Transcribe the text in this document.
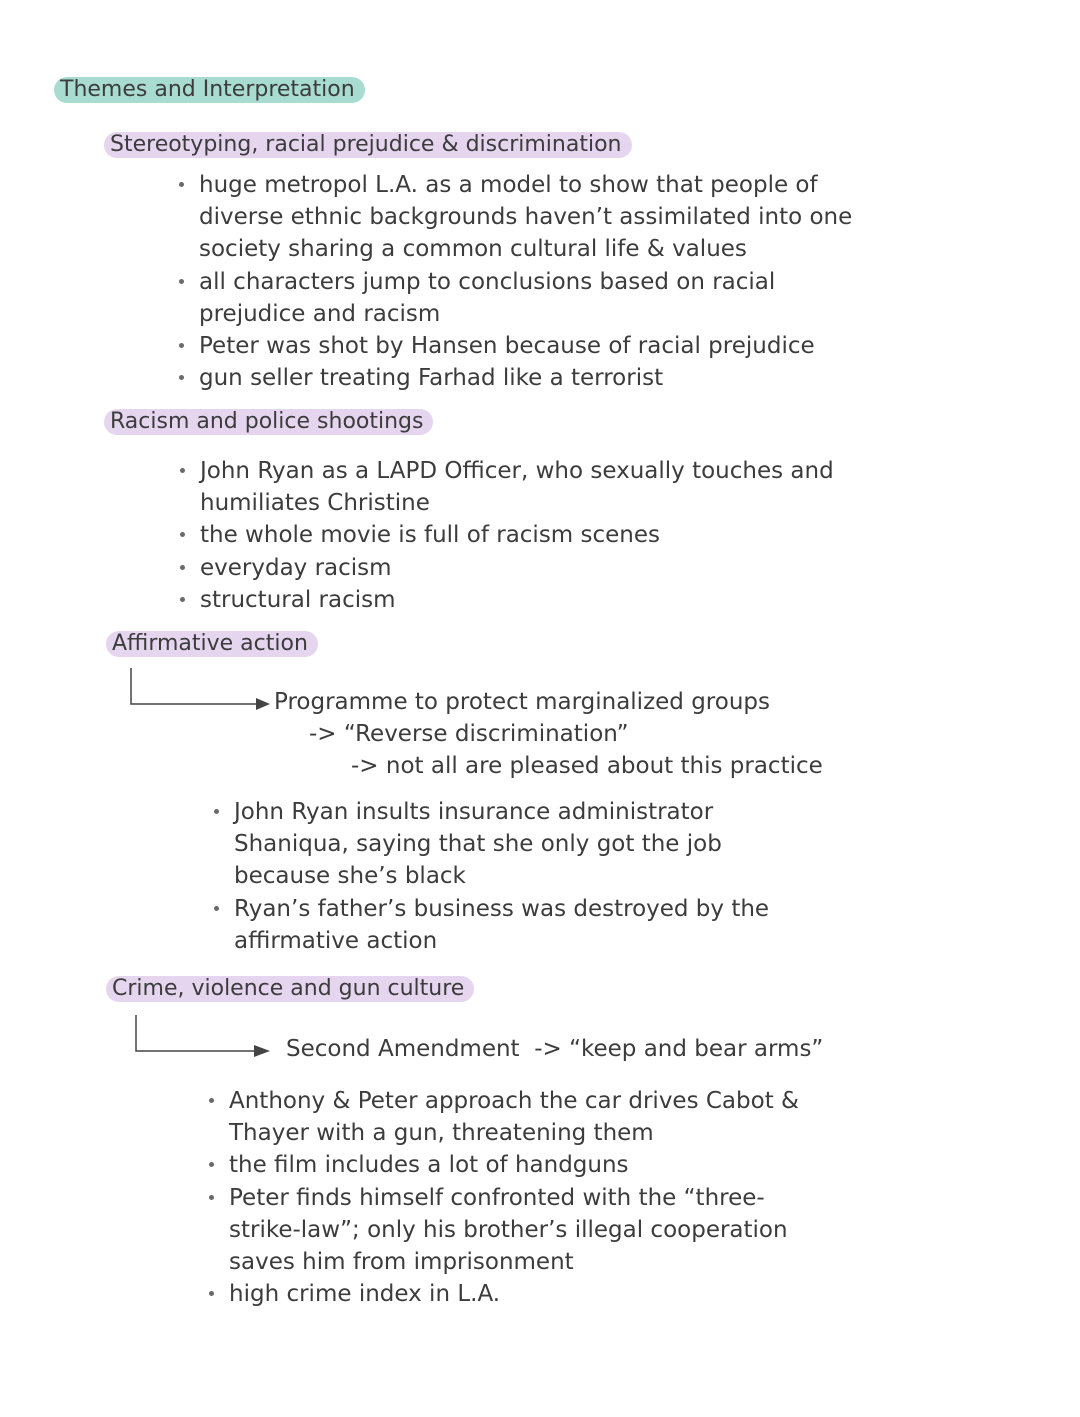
Themes and Interpretation
Stereotyping, racial prejudice & discrimination
huge metropol L.A. as a model to show that people of diverse ethnic backgrounds haven’t assimilated into one society sharing a common cultural life & values
all characters jump to conclusions based on racial prejudice and racism
Peter was shot by Hansen because of racial prejudice
gun seller treating Farhad like a terrorist
Racism and police shootings
John Ryan as a LAPD Officer, who sexually touches and humiliates Christine
the whole movie is full of racism scenes
everyday racism
structural racism
Affirmative action
Programme to protect marginalized groups
-> “Reverse discrimination”
-> not all are pleased about this practice
John Ryan insults insurance administrator Shaniqua, saying that she only got the job because she’s black
Ryan’s father’s business was destroyed by the affirmative action
Crime, violence and gun culture
Second Amendment  -> “keep and bear arms”
Anthony & Peter approach the car drives Cabot & Thayer with a gun, threatening them
the film includes a lot of handguns
Peter finds himself confronted with the “three-strike-law”; only his brother’s illegal cooperation saves him from imprisonment
high crime index in L.A.
